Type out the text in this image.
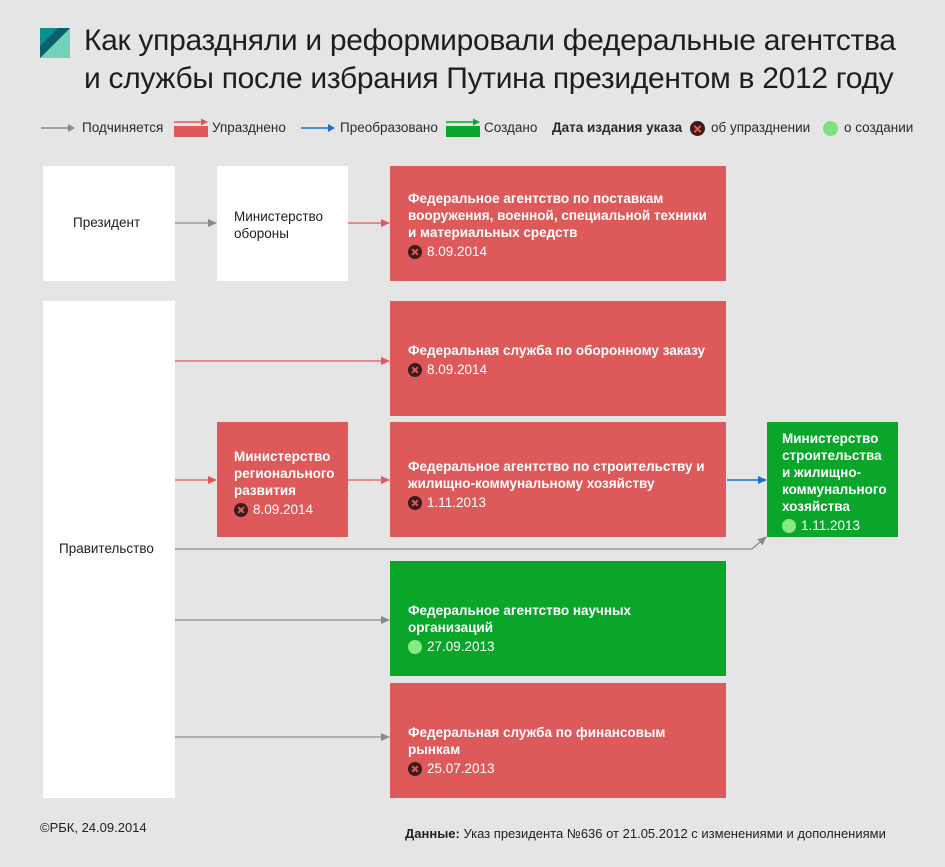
Как упраздняли и реформировали федеральные агентства
и службы после избрания Путина президентом в 2012 году
Подчиняется	Упразднено	Преобразовано	Создано Дата издания указа об упразднении	о создании
Президент	Министерство обороны
Правительство
Министерство регионального развития
8.09.2014
Федеральное агентство по поставкам вооружения, военной, специальной техники и материальных средств
8.09.2014
Федеральная служба по оборонному заказу
8.09.2014
Федеральное агентство по строительству и жилищно-коммунальному хозяйству
1.11.2013
Федеральное агентство научных организаций
27.09.2013
Федеральная служба по финансовым рынкам
25.07.2013
Министерство строительства и жилищно-коммунального хозяйства
1.11.2013
©РБК, 24.09.2014	Данные: Указ президента №636 от 21.05.2012 с изменениями и дополнениями
